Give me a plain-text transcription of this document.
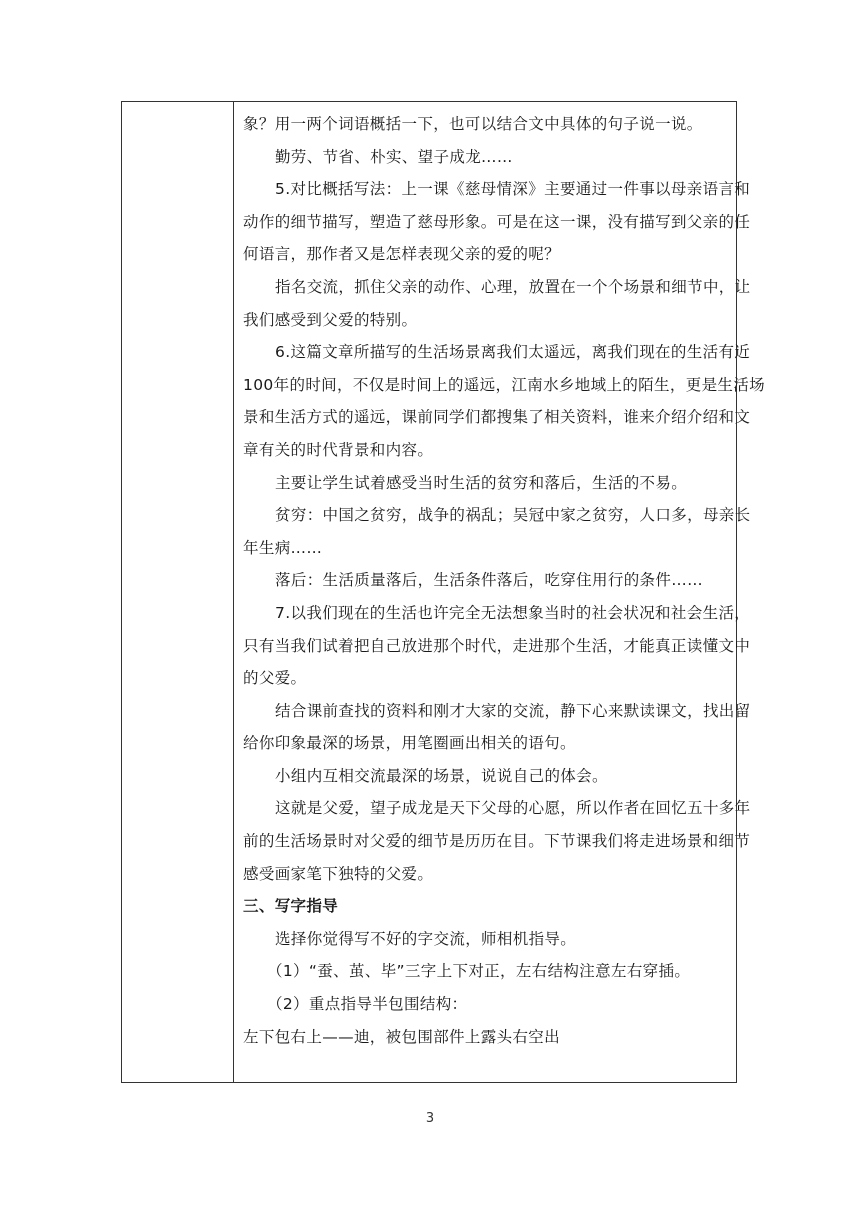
象？用一两个词语概括一下，也可以结合文中具体的句子说一说。
勤劳、节省、朴实、望子成龙……
5.对比概括写法：上一课《慈母情深》主要通过一件事以母亲语言和
动作的细节描写，塑造了慈母形象。可是在这一课，没有描写到父亲的任
何语言，那作者又是怎样表现父亲的爱的呢？
指名交流，抓住父亲的动作、心理，放置在一个个场景和细节中，让
我们感受到父爱的特别。
6.这篇文章所描写的生活场景离我们太遥远，离我们现在的生活有近
100年的时间，不仅是时间上的遥远，江南水乡地域上的陌生，更是生活场
景和生活方式的遥远，课前同学们都搜集了相关资料，谁来介绍介绍和文
章有关的时代背景和内容。
主要让学生试着感受当时生活的贫穷和落后，生活的不易。
贫穷：中国之贫穷，战争的祸乱；吴冠中家之贫穷，人口多，母亲长
年生病……
落后：生活质量落后，生活条件落后，吃穿住用行的条件……
7.以我们现在的生活也许完全无法想象当时的社会状况和社会生活，
只有当我们试着把自己放进那个时代，走进那个生活，才能真正读懂文中
的父爱。
结合课前查找的资料和刚才大家的交流，静下心来默读课文，找出留
给你印象最深的场景，用笔圈画出相关的语句。
小组内互相交流最深的场景，说说自己的体会。
这就是父爱，望子成龙是天下父母的心愿，所以作者在回忆五十多年
前的生活场景时对父爱的细节是历历在目。下节课我们将走进场景和细节
感受画家笔下独特的父爱。
三、写字指导
选择你觉得写不好的字交流，师相机指导。
（1）“蚕、茧、毕”三字上下对正，左右结构注意左右穿插。
（2）重点指导半包围结构：
左下包右上——迪，被包围部件上露头右空出
3
